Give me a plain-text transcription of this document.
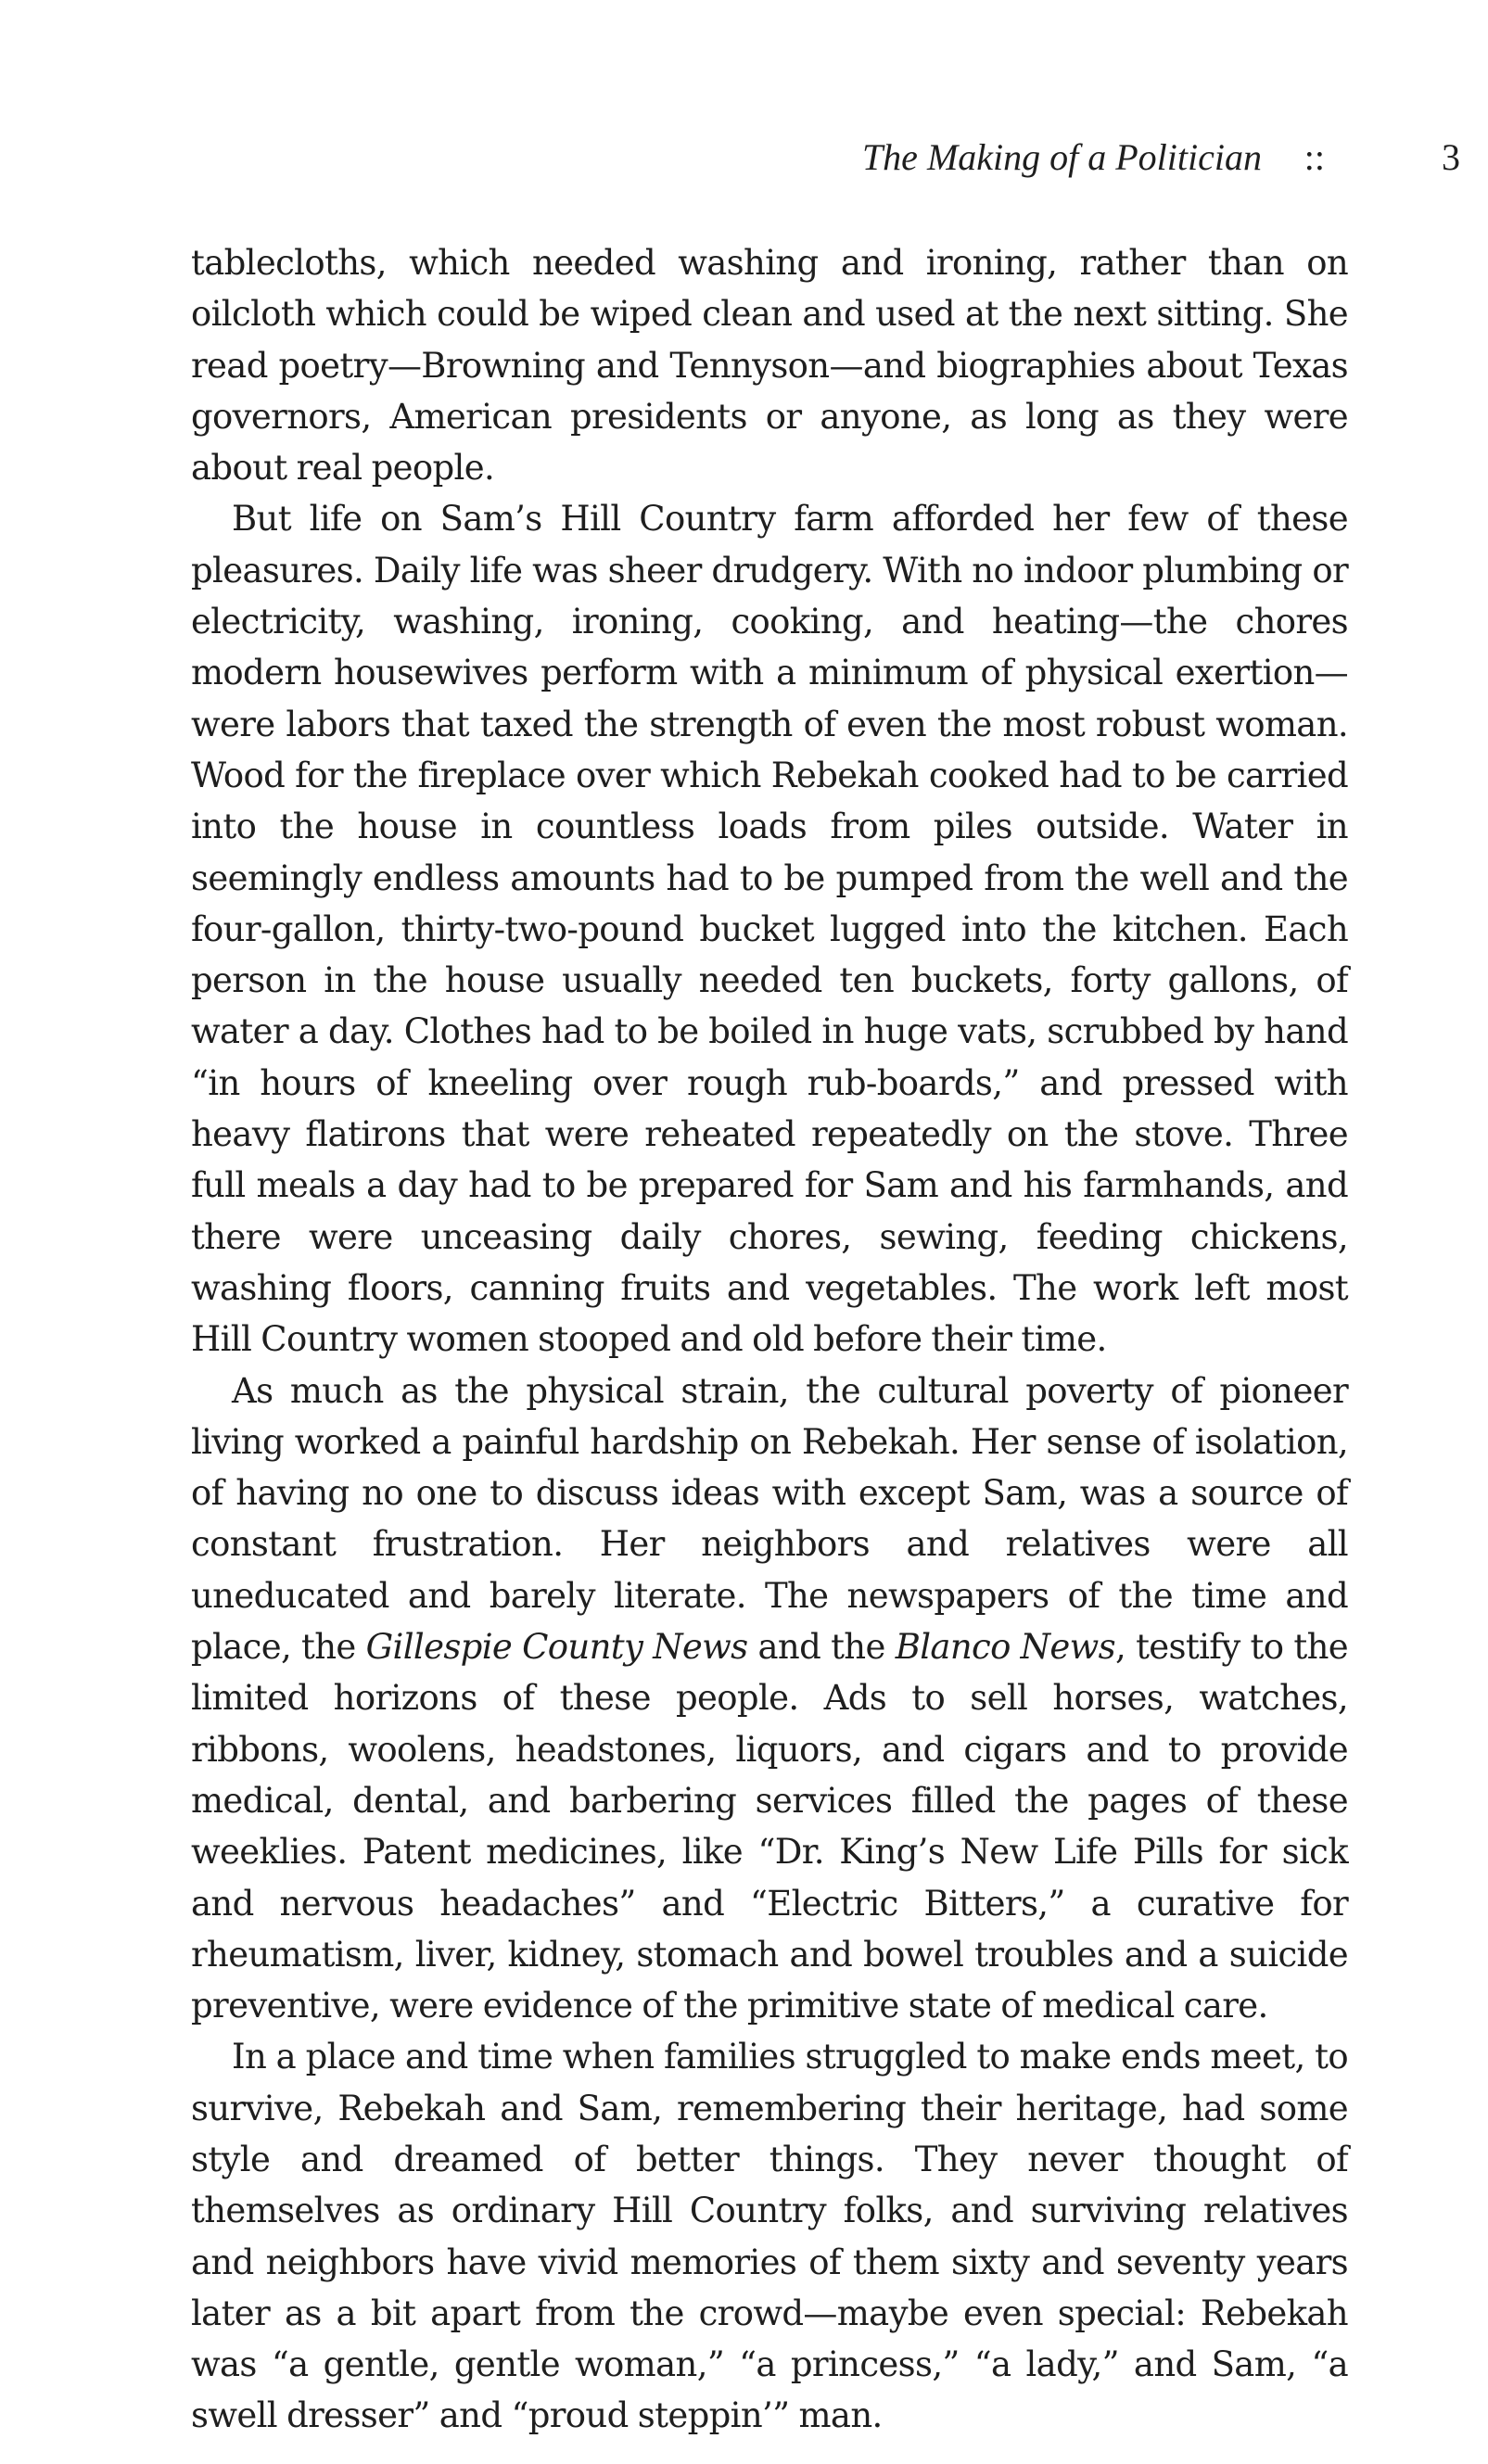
The Making of a Politician ::	3

tablecloths, which needed washing and ironing, rather than on oilcloth which could be wiped clean and used at the next sitting. She read poetry—Browning and Tennyson—and biographies about Texas governors, American presidents or anyone, as long as they were about real people.

But life on Sam’s Hill Country farm afforded her few of these pleasures. Daily life was sheer drudgery. With no indoor plumbing or electricity, washing, ironing, cooking, and heating—the chores modern housewives perform with a minimum of physical exertion—were labors that taxed the strength of even the most robust woman. Wood for the fireplace over which Rebekah cooked had to be carried into the house in countless loads from piles outside. Water in seemingly endless amounts had to be pumped from the well and the four-gallon, thirty-two-pound bucket lugged into the kitchen. Each person in the house usually needed ten buckets, forty gallons, of water a day. Clothes had to be boiled in huge vats, scrubbed by hand “in hours of kneeling over rough rub-boards,” and pressed with heavy flatirons that were reheated repeatedly on the stove. Three full meals a day had to be prepared for Sam and his farmhands, and there were unceasing daily chores, sewing, feeding chickens, washing floors, canning fruits and vegetables. The work left most Hill Country women stooped and old before their time.

As much as the physical strain, the cultural poverty of pioneer living worked a painful hardship on Rebekah. Her sense of isolation, of having no one to discuss ideas with except Sam, was a source of constant frustration. Her neighbors and relatives were all uneducated and barely literate. The newspapers of the time and place, the Gillespie County News and the Blanco News, testify to the limited horizons of these people. Ads to sell horses, watches, ribbons, woolens, headstones, liquors, and cigars and to provide medical, dental, and barbering services filled the pages of these weeklies. Patent medicines, like “Dr. King’s New Life Pills for sick and nervous headaches” and “Electric Bitters,” a curative for rheumatism, liver, kidney, stomach and bowel troubles and a suicide preventive, were evidence of the primitive state of medical care.

In a place and time when families struggled to make ends meet, to survive, Rebekah and Sam, remembering their heritage, had some style and dreamed of better things. They never thought of themselves as ordinary Hill Country folks, and surviving relatives and neighbors have vivid memories of them sixty and seventy years later as a bit apart from the crowd—maybe even special: Rebekah was “a gentle, gentle woman,” “a princess,” “a lady,” and Sam, “a swell dresser” and “proud steppin’” man.
